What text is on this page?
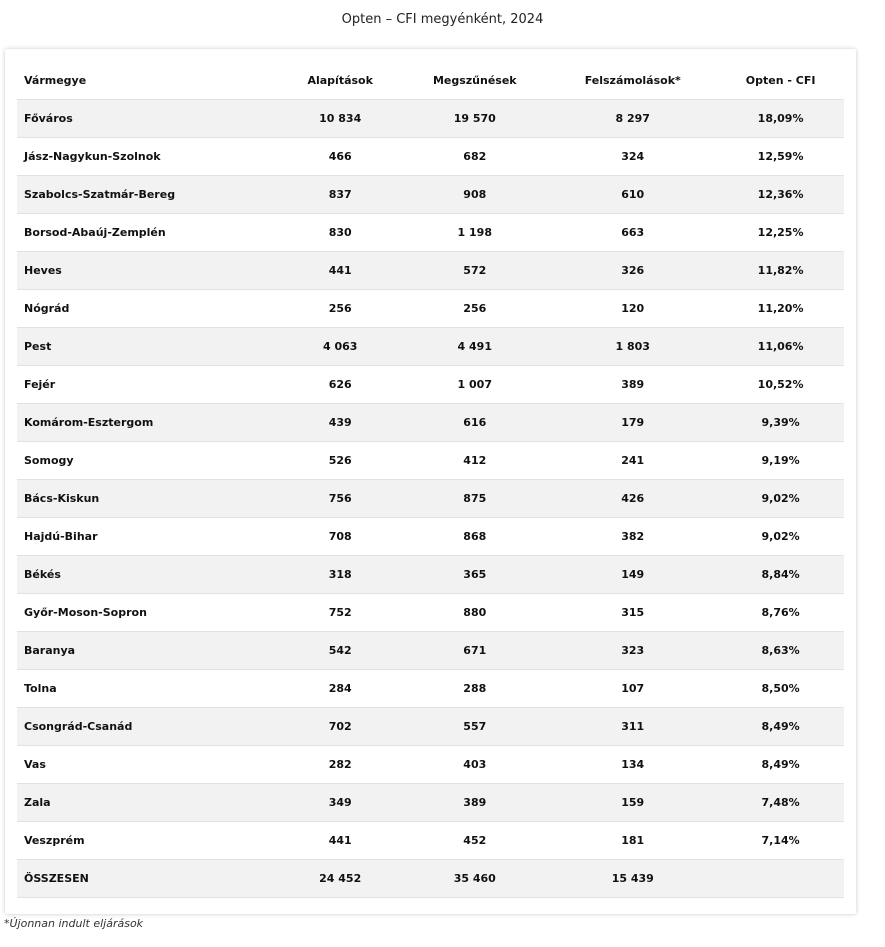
Opten – CFI megyénként, 2024
Vármegye	Alapítások	Megszűnések	Felszámolások*	Opten - CFI
Főváros	10 834	19 570	8 297	18,09%
Jász-Nagykun-Szolnok	466	682	324	12,59%
Szabolcs-Szatmár-Bereg	837	908	610	12,36%
Borsod-Abaúj-Zemplén	830	1 198	663	12,25%
Heves	441	572	326	11,82%
Nógrád	256	256	120	11,20%
Pest	4 063	4 491	1 803	11,06%
Fejér	626	1 007	389	10,52%
Komárom-Esztergom	439	616	179	9,39%
Somogy	526	412	241	9,19%
Bács-Kiskun	756	875	426	9,02%
Hajdú-Bihar	708	868	382	9,02%
Békés	318	365	149	8,84%
Győr-Moson-Sopron	752	880	315	8,76%
Baranya	542	671	323	8,63%
Tolna	284	288	107	8,50%
Csongrád-Csanád	702	557	311	8,49%
Vas	282	403	134	8,49%
Zala	349	389	159	7,48%
Veszprém	441	452	181	7,14%
ÖSSZESEN	24 452	35 460	15 439	
*Újonnan indult eljárások
